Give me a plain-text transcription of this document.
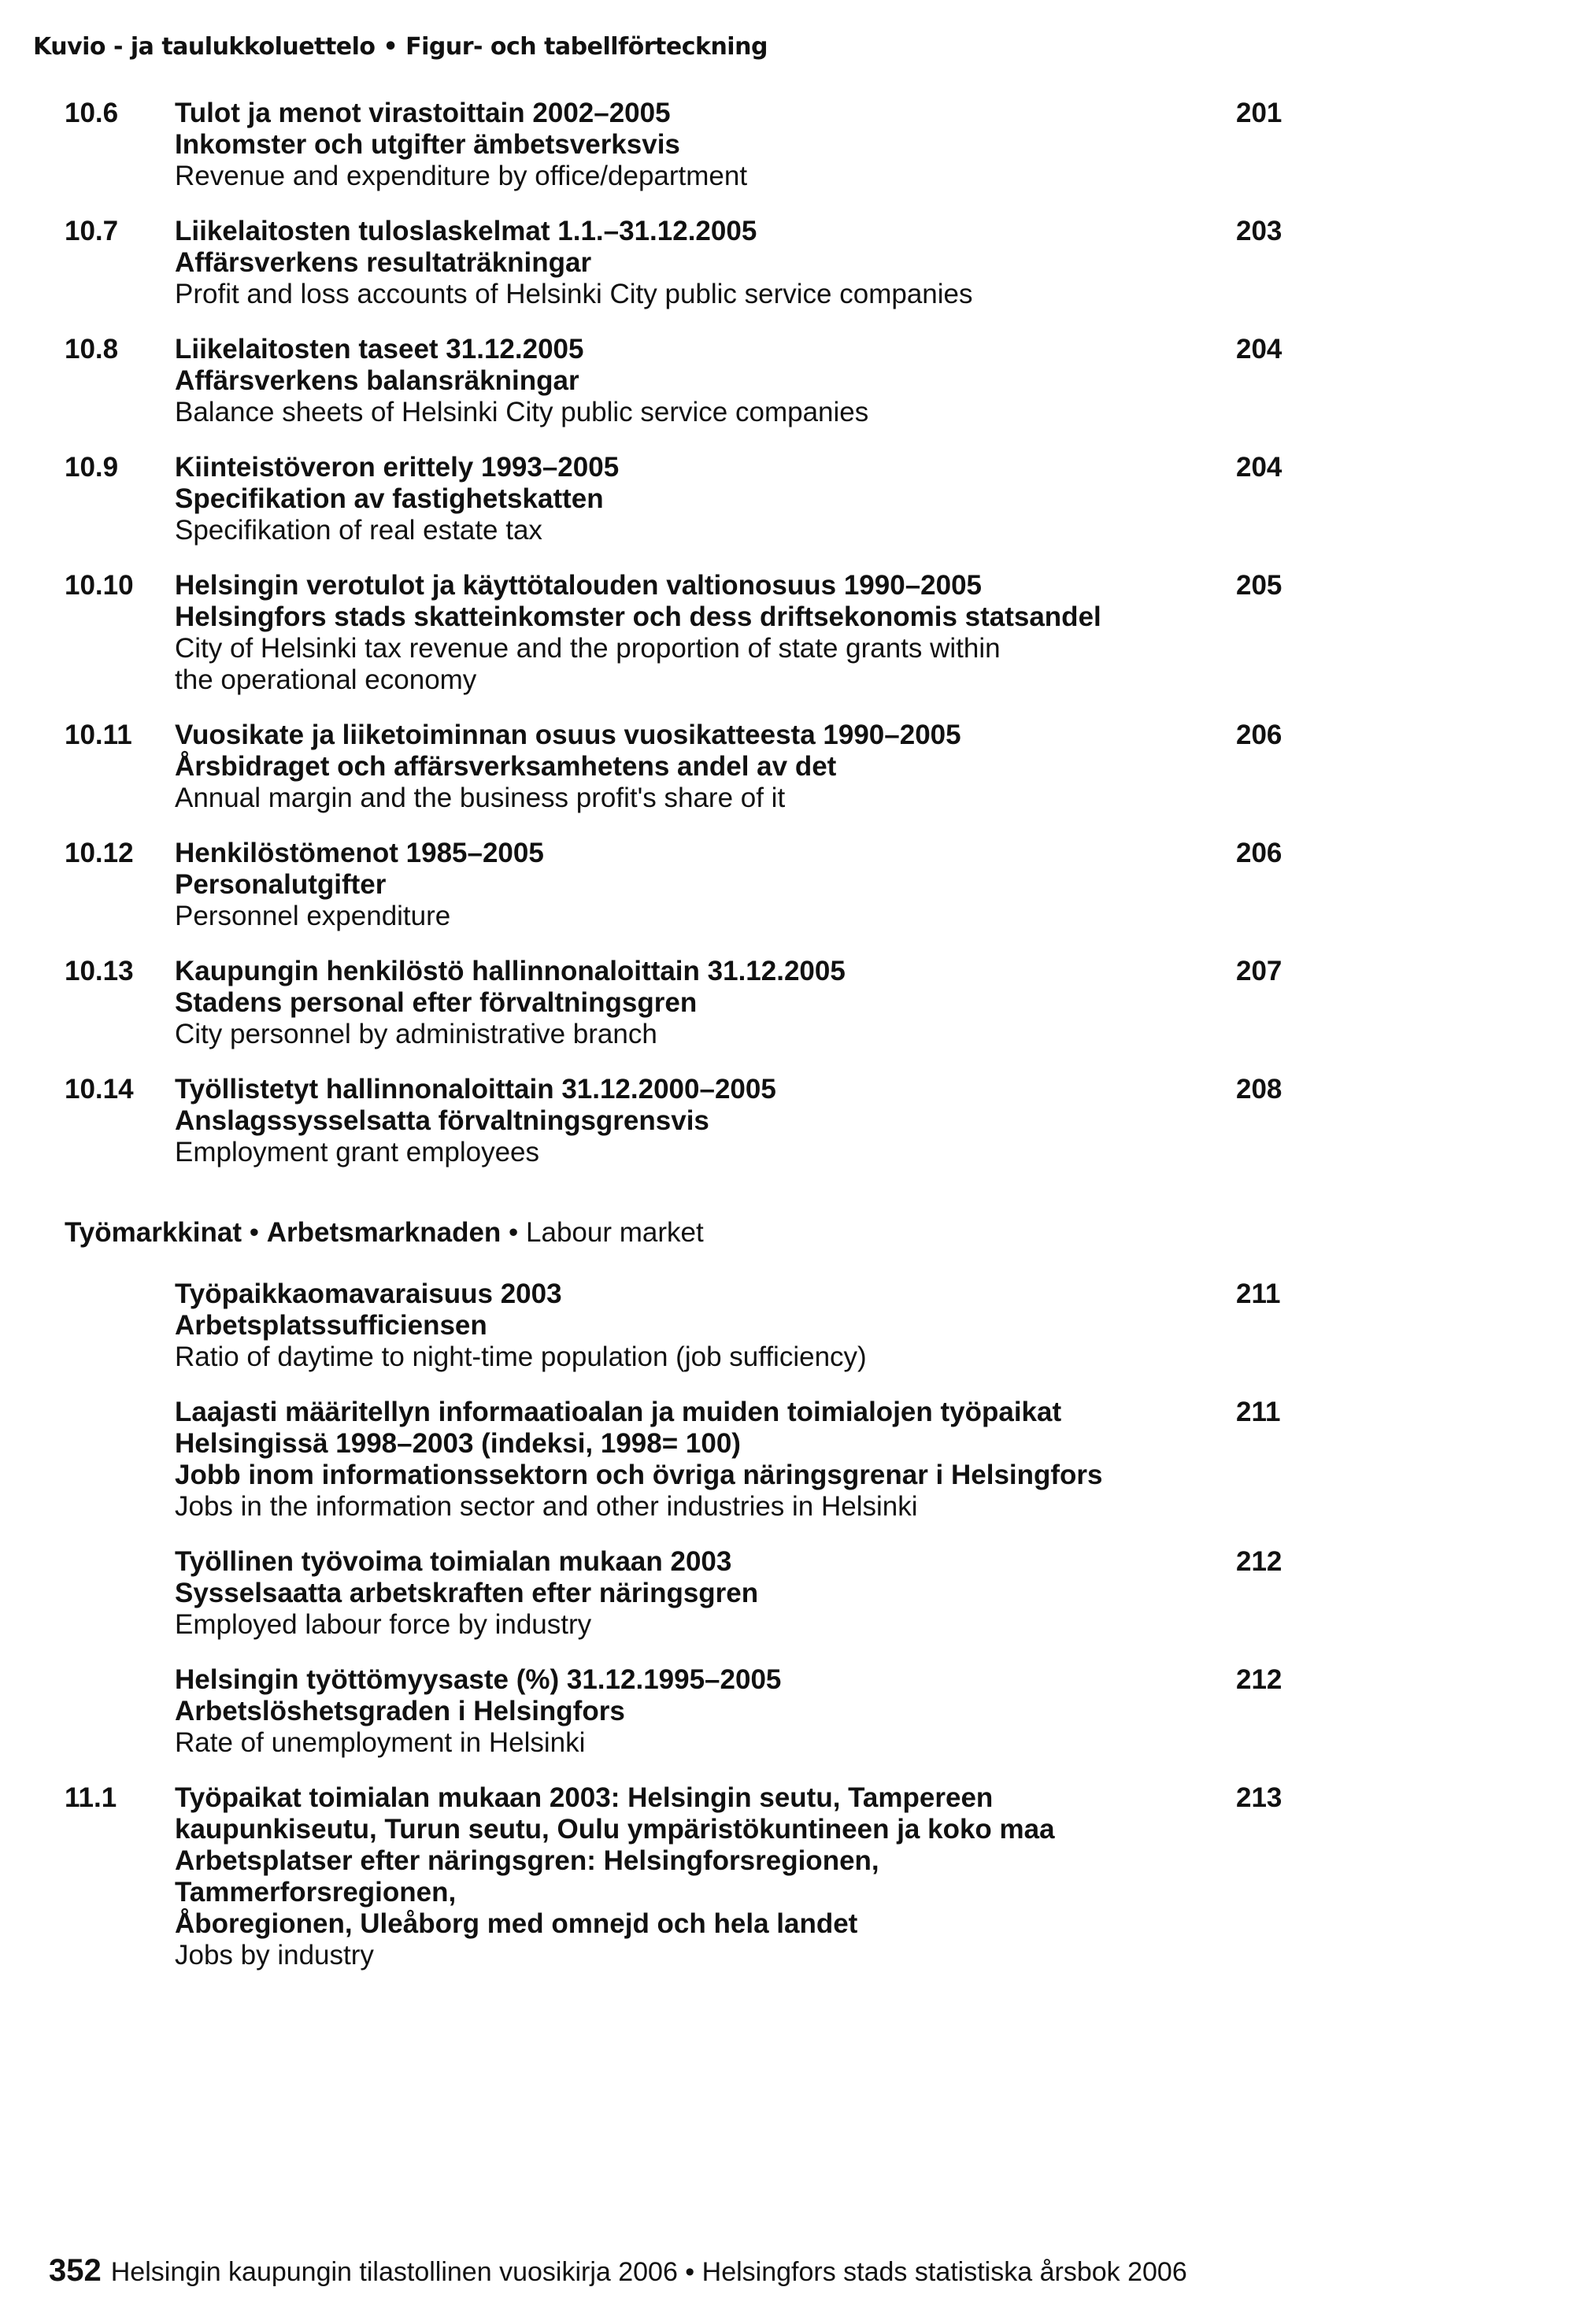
Kuvio - ja taulukkoluettelo • Figur- och tabellförteckning
10.6 Tulot ja menot virastoittain 2002–2005
Inkomster och utgifter ämbetsverksvis
Revenue and expenditure by office/department
201
10.7 Liikelaitosten tuloslaskelmat 1.1.–31.12.2005
Affärsverkens resultaträkningar
Profit and loss accounts of Helsinki City public service companies
203
10.8 Liikelaitosten taseet 31.12.2005
Affärsverkens balansräkningar
Balance sheets of Helsinki City public service companies
204
10.9 Kiinteistöveron erittely 1993–2005
Specifikation av fastighetskatten
Specifikation of real estate tax
204
10.10 Helsingin verotulot ja käyttötalouden valtionosuus 1990–2005
Helsingfors stads skatteinkomster och dess driftsekonomis statsandel
City of Helsinki tax revenue and the proportion of state grants within
the operational economy
205
10.11 Vuosikate ja liiketoiminnan osuus vuosikatteesta 1990–2005
Årsbidraget och affärsverksamhetens andel av det
Annual margin and the business profit's share of it
206
10.12 Henkilöstömenot 1985–2005
Personalutgifter
Personnel expenditure
206
10.13 Kaupungin henkilöstö hallinnonaloittain 31.12.2005
Stadens personal efter förvaltningsgren
City personnel by administrative branch
207
10.14 Työllistetyt hallinnonaloittain 31.12.2000–2005
Anslagssysselsatta förvaltningsgrensvis
Employment grant employees
208
Työmarkkinat • Arbetsmarknaden • Labour market
Työpaikkaomavaraisuus 2003
Arbetsplatssufficiensen
Ratio of daytime to night-time population (job sufficiency)
211
Laajasti määritellyn informaatioalan ja muiden toimialojen työpaikat
Helsingissä 1998–2003 (indeksi, 1998= 100)
Jobb inom informationssektorn och övriga näringsgrenar i Helsingfors
Jobs in the information sector and other industries in Helsinki
211
Työllinen työvoima toimialan mukaan 2003
Sysselsaatta arbetskraften efter näringsgren
Employed labour force by industry
212
Helsingin työttömyysaste (%) 31.12.1995–2005
Arbetslöshetsgraden i Helsingfors
Rate of unemployment in Helsinki
212
11.1 Työpaikat toimialan mukaan 2003: Helsingin seutu, Tampereen
kaupunkiseutu, Turun seutu, Oulu ympäristökuntineen ja koko maa
Arbetsplatser efter näringsgren: Helsingforsregionen, Tammerforsregionen,
Åboregionen, Uleåborg med omnejd och hela landet
Jobs by industry
213
352 Helsingin kaupungin tilastollinen vuosikirja 2006 • Helsingfors stads statistiska årsbok 2006
